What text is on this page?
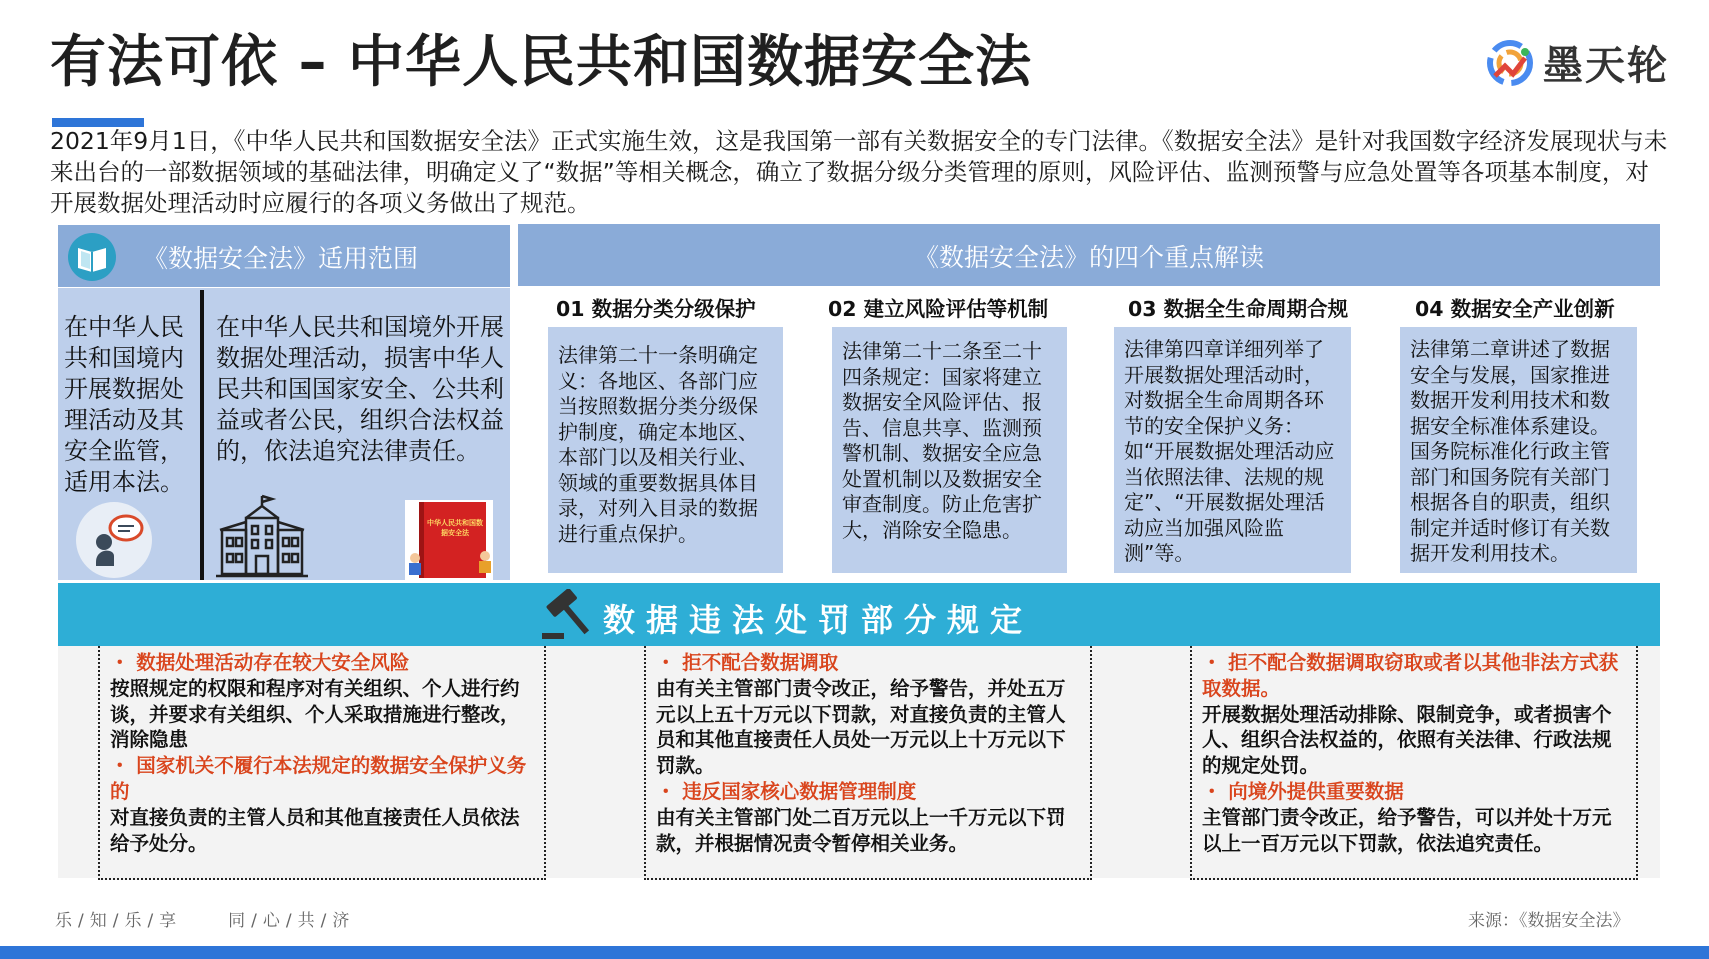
有法可依 – 中华人民共和国数据安全法	墨天轮
2021年9月1日，《中华人民共和国数据安全法》正式实施生效，这是我国第一部有关数据安全的专门法律。《数据安全法》是针对我国数字经济发展现状与未来出台的一部数据领域的基础法律，明确定义了“数据”等相关概念，确立了数据分级分类管理的原则，风险评估、监测预警与应急处置等各项基本制度，对开展数据处理活动时应履行的各项义务做出了规范。
《数据安全法》适用范围
在中华人民共和国境内开展数据处理活动及其安全监管，适用本法。
在中华人民共和国境外开展数据处理活动，损害中华人民共和国国家安全、公共利益或者公民，组织合法权益的，依法追究法律责任。
中华人民共和国数据安全法
《数据安全法》的四个重点解读
01 数据分类分级保护
法律第二十一条明确定义：各地区、各部门应当按照数据分类分级保护制度，确定本地区、本部门以及相关行业、领域的重要数据具体目录，对列入目录的数据进行重点保护。
02 建立风险评估等机制
法律第二十二条至二十四条规定：国家将建立数据安全风险评估、报告、信息共享、监测预警机制、数据安全应急处置机制以及数据安全审查制度。防止危害扩大，消除安全隐患。
03 数据全生命周期合规
法律第四章详细列举了开展数据处理活动时，对数据全生命周期各环节的安全保护义务：如“开展数据处理活动应当依照法律、法规的规定”、“开展数据处理活动应当加强风险监测”等。
04 数据安全产业创新
法律第二章讲述了数据安全与发展，国家推进数据开发利用技术和数据安全标准体系建设。国务院标准化行政主管部门和国务院有关部门根据各自的职责，组织制定并适时修订有关数据开发利用技术。
数据违法处罚部分规定
・ 数据处理活动存在较大安全风险
按照规定的权限和程序对有关组织、个人进行约谈，并要求有关组织、个人采取措施进行整改，消除隐患
・ 国家机关不履行本法规定的数据安全保护义务的
对直接负责的主管人员和其他直接责任人员依法给予处分。
・ 拒不配合数据调取
由有关主管部门责令改正，给予警告，并处五万元以上五十万元以下罚款，对直接负责的主管人员和其他直接责任人员处一万元以上十万元以下罚款。
・ 违反国家核心数据管理制度
由有关主管部门处二百万元以上一千万元以下罚款，并根据情况责令暂停相关业务。
・ 拒不配合数据调取窃取或者以其他非法方式获取数据。
开展数据处理活动排除、限制竞争，或者损害个人、组织合法权益的，依照有关法律、行政法规的规定处罚。
・ 向境外提供重要数据
主管部门责令改正，给予警告，可以并处十万元以上一百万元以下罚款，依法追究责任。
乐/知/乐/享　　同/心/共/济	来源：《数据安全法》
